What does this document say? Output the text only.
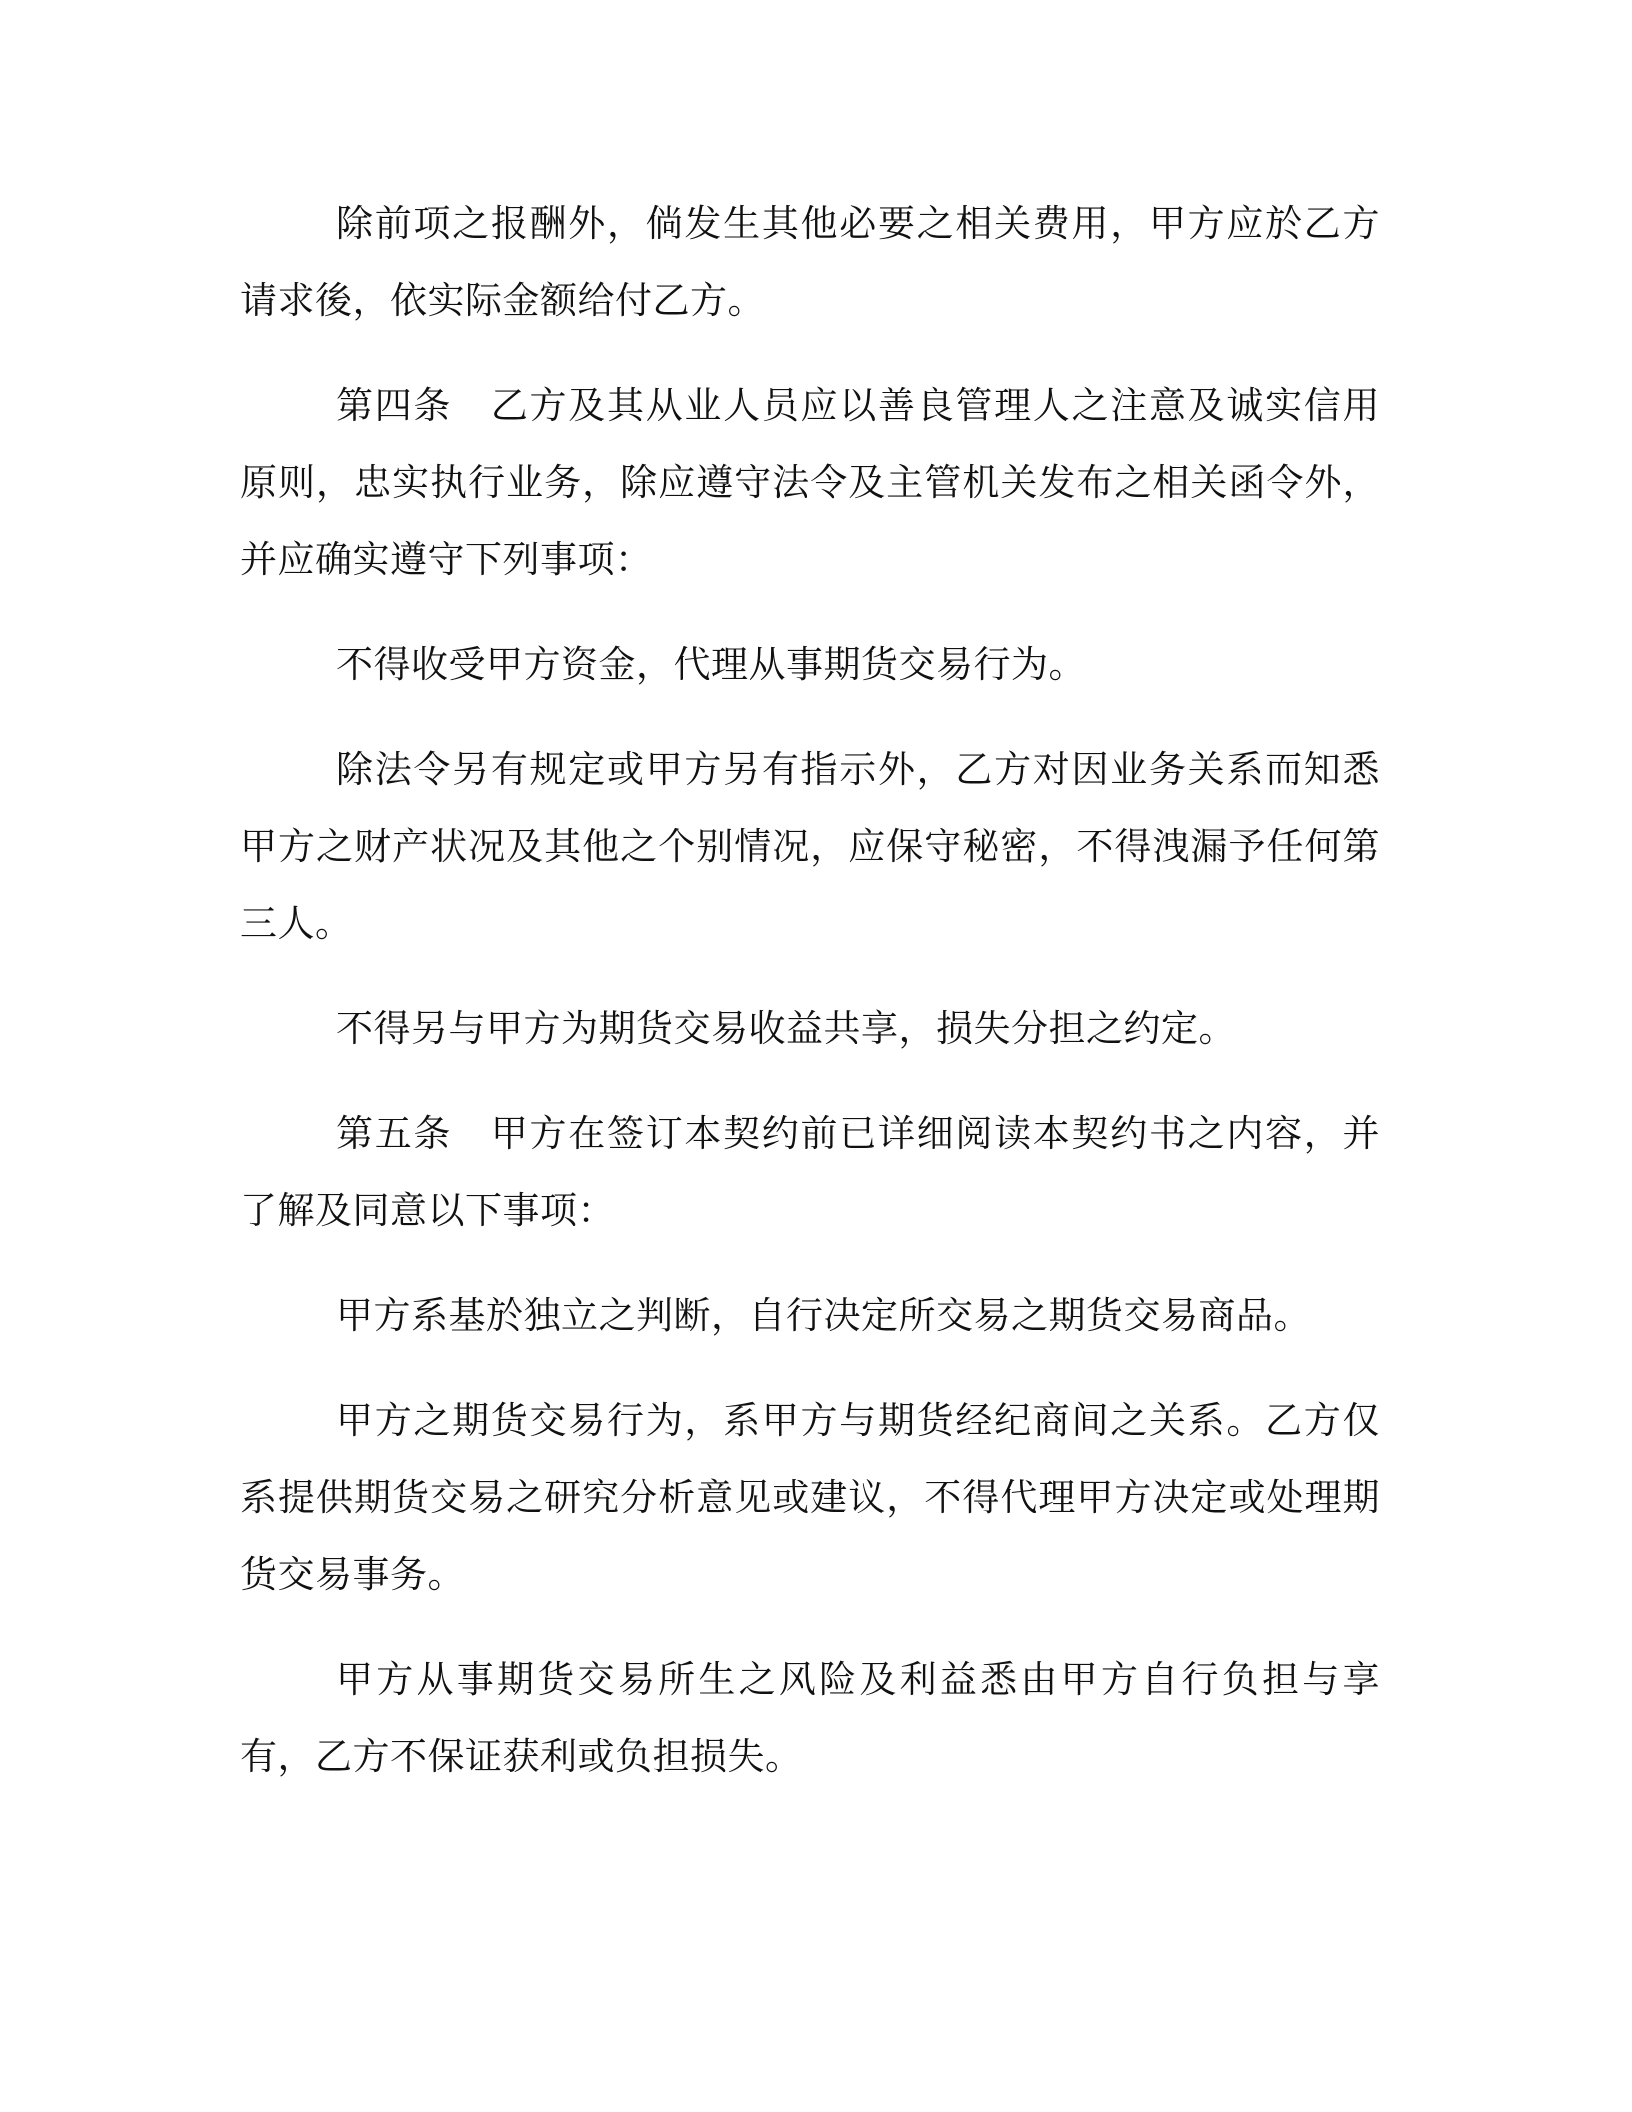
除前项之报酬外，倘发生其他必要之相关费用，甲方应於乙方请求後，依实际金额给付乙方。

第四条　乙方及其从业人员应以善良管理人之注意及诚实信用原则，忠实执行业务，除应遵守法令及主管机关发布之相关函令外，并应确实遵守下列事项：

不得收受甲方资金，代理从事期货交易行为。

除法令另有规定或甲方另有指示外，乙方对因业务关系而知悉甲方之财产状况及其他之个别情况，应保守秘密，不得洩漏予任何第三人。

不得另与甲方为期货交易收益共享，损失分担之约定。

第五条　甲方在签订本契约前已详细阅读本契约书之内容，并了解及同意以下事项：

甲方系基於独立之判断，自行决定所交易之期货交易商品。

甲方之期货交易行为，系甲方与期货经纪商间之关系。乙方仅系提供期货交易之研究分析意见或建议，不得代理甲方决定或处理期货交易事务。

甲方从事期货交易所生之风险及利益悉由甲方自行负担与享有，乙方不保证获利或负担损失。
